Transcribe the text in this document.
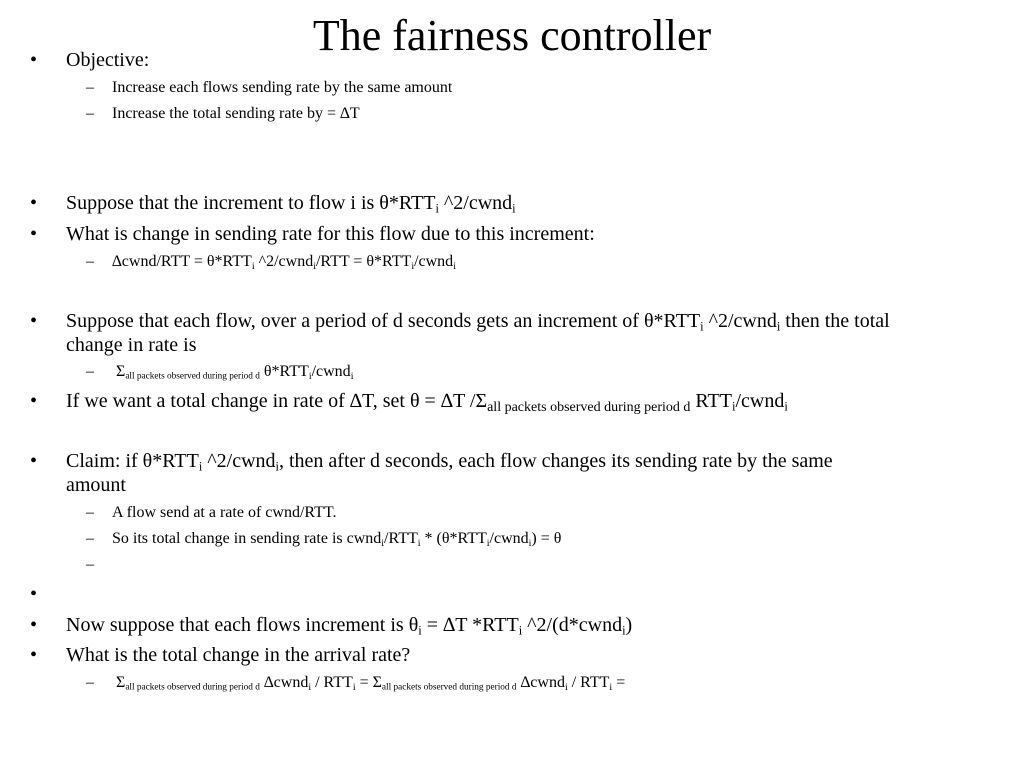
The fairness controller
• Objective:
– Increase each flows sending rate by the same amount
– Increase the total sending rate by = ∆T
• Suppose that the increment to flow i is $\theta*RTT_i$ ^2/cwnd$_i$
• What is change in sending rate for this flow due to this increment:
– ∆cwnd/RTT = $\theta*RTT_i$ ^2/cwnd$_i$/RTT = $\theta*RTT_i/cwnd_i$
• Suppose that each flow, over a period of d seconds gets an increment of $\theta*RTT_i$ ^2/cwnd$_i$ then the total
change in rate is
– $\Sigma_{all packets observed during period d}$ $\theta*RTT_i/cwnd_i$
• If we want a total change in rate of ∆T, set θ = ∆T $/\Sigma_{all packets observed during period d}$ $RTT_i/cwnd_i$
• Claim: if $\theta*RTT_i$ ^2/cwnd$_i$, then after d seconds, each flow changes its sending rate by the same
amount
– A flow send at a rate of cwnd/RTT.
– So its total change in sending rate is $cwnd_i/RTT_i$ * $(\theta*RTT_i/cwnd_i) = \theta$
–
•
• Now suppose that each flows increment is $\theta_i = \Delta T$ $*RTT_i$ ^2/(d*cwnd$_i$)
• What is the total change in the arrival rate?
– $\Sigma_{all packets observed during period d}$ ∆cwnd$_i$ / $RTT_i = \Sigma_{all packets observed during period d}$ ∆cwnd$_i$ / $RTT_i$ =
